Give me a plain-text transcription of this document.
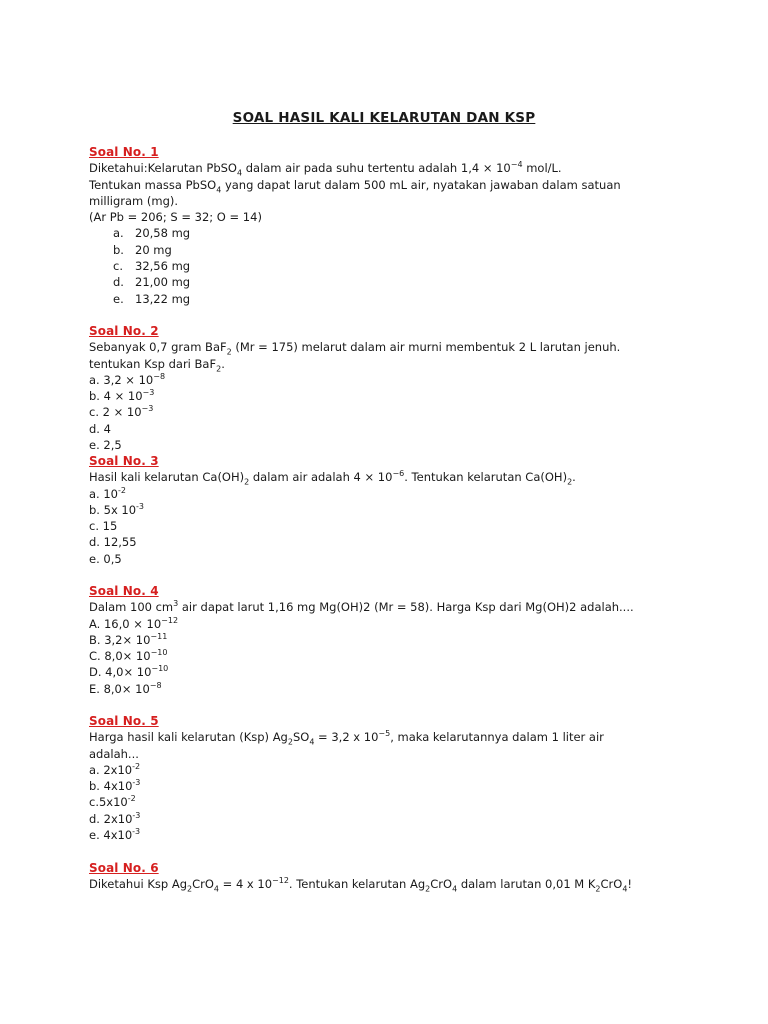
SOAL HASIL KALI KELARUTAN DAN KSP
Soal No. 1
Diketahui:Kelarutan PbSO$_4$ dalam air pada suhu tertentu adalah $1,4 \times 10^{-4}$ mol/L.
Tentukan massa PbSO$_4$ yang dapat larut dalam 500 mL air, nyatakan jawaban dalam satuan
milligram (mg).
(Ar Pb = 206; S = 32; O = 14)
a. 20,58 mg
b. 20 mg
c. 32,56 mg
d. 21,00 mg
e. 13,22 mg
Soal No. 2
Sebanyak 0,7 gram BaF$_2$ (Mr = 175) melarut dalam air murni membentuk 2 L larutan jenuh.
tentukan Ksp dari BaF$_2$.
a. $3,2 \times 10^{-8}$
b. $4 \times 10^{-3}$
c. $2 \times 10^{-3}$
d. 4
e. 2,5
Soal No. 3
Hasil kali kelarutan $Ca(OH)_2$ dalam air adalah $4 \times 10^{-6}$. Tentukan kelarutan $Ca(OH)_2$.
a. $10^{-2}$
b. 5x $10^{-3}$
c. 15
d. 12,55
e. 0,5
Soal No. 4
Dalam 100 $cm^3$ air dapat larut 1,16 mg Mg(OH)2 (Mr = 58). Harga Ksp dari Mg(OH)2 adalah....
A. $16,0 \times 10^{-12}$
B. $3,2\times 10^{-11}$
C. $8,0\times 10^{-10}$
D. $4,0\times 10^{-10}$
E. $8,0\times 10^{-8}$
Soal No. 5
Harga hasil kali kelarutan (Ksp) $Ag_2SO_4 = 3,2$ x $10^{-5}$, maka kelarutannya dalam 1 liter air
adalah...
a. $2x10^{-2}$
b. $4x10^{-3}$
$c.5x10^{-2}$
d. $2x10^{-3}$
e. $4x10^{-3}$
Soal No. 6
Diketahui Ksp $Ag_2CrO_4 = 4$ x $10^{-12}$. Tentukan kelarutan $Ag_2CrO_4$ dalam larutan 0,01 M $K_2CrO_4$!
